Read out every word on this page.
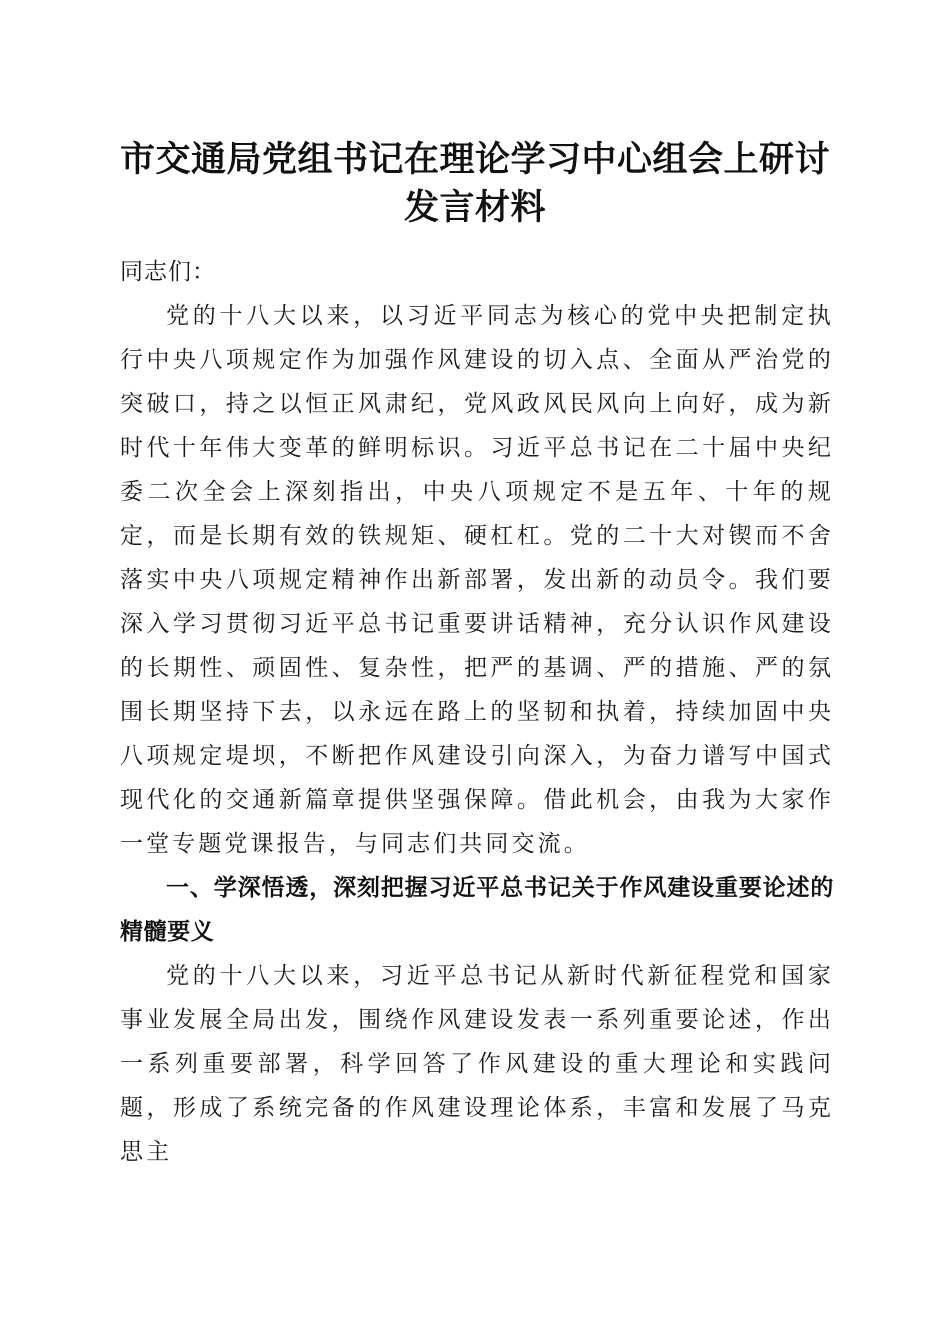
市交通局党组书记在理论学习中心组会上研讨
发言材料

同志们：

党的十八大以来，以习近平同志为核心的党中央把制定执行中央八项规定作为加强作风建设的切入点、全面从严治党的突破口，持之以恒正风肃纪，党风政风民风向上向好，成为新时代十年伟大变革的鲜明标识。习近平总书记在二十届中央纪委二次全会上深刻指出，中央八项规定不是五年、十年的规定，而是长期有效的铁规矩、硬杠杠。党的二十大对锲而不舍落实中央八项规定精神作出新部署，发出新的动员令。我们要深入学习贯彻习近平总书记重要讲话精神，充分认识作风建设的长期性、顽固性、复杂性，把严的基调、严的措施、严的氛围长期坚持下去，以永远在路上的坚韧和执着，持续加固中央八项规定堤坝，不断把作风建设引向深入，为奋力谱写中国式现代化的交通新篇章提供坚强保障。借此机会，由我为大家作一堂专题党课报告，与同志们共同交流。

一、学深悟透，深刻把握习近平总书记关于作风建设重要论述的精髓要义

党的十八大以来，习近平总书记从新时代新征程党和国家事业发展全局出发，围绕作风建设发表一系列重要论述，作出一系列重要部署，科学回答了作风建设的重大理论和实践问题，形成了系统完备的作风建设理论体系，丰富和发展了马克思主
